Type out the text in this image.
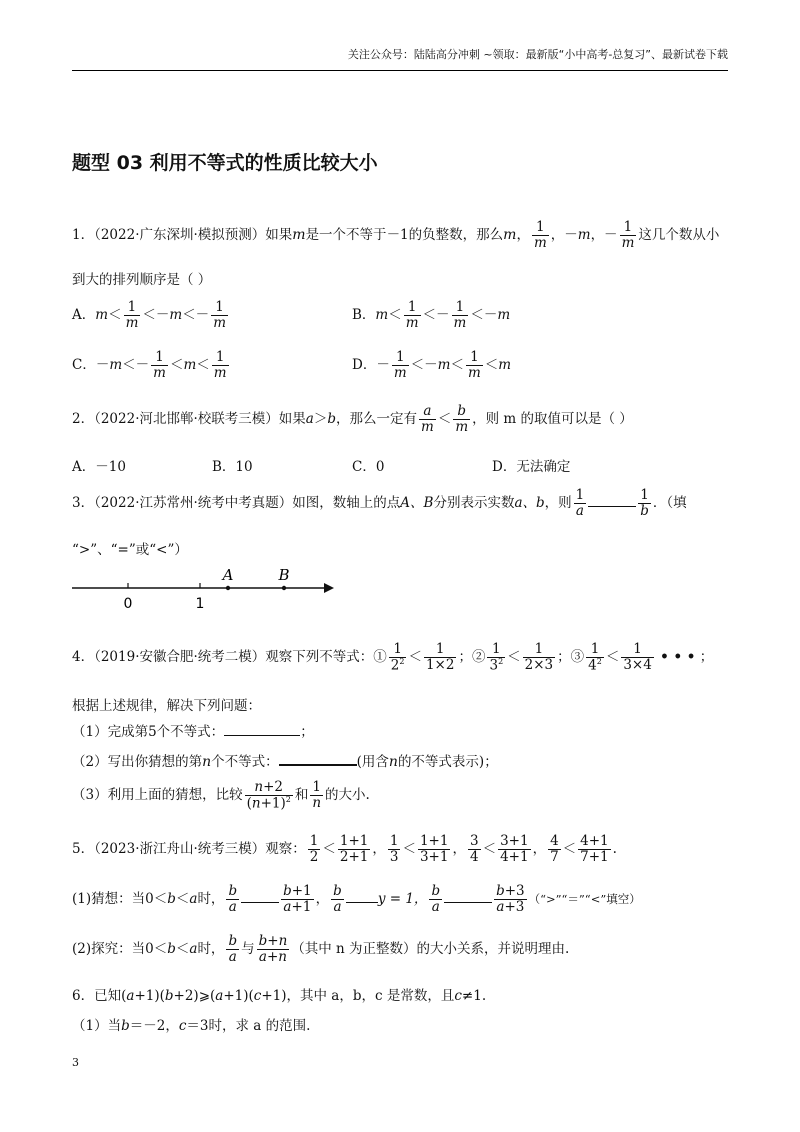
关注公众号：陆陆高分冲刺 ~领取：最新版“小中高考-总复习”、最新试卷下载
题型 03 利用不等式的性质比较大小
1．（2022·广东深圳·模拟预测）如果m是一个不等于－1的负整数，那么m， $\frac{1}{m}$ ，－m，－ $\frac{1}{m}$ 这几个数从小
到大的排列顺序是（ ）
A．$m< \frac{1}{m} <-m<- \frac{1}{m}$	B．$m< \frac{1}{m} <- \frac{1}{m} <-m$
C．$-m<- \frac{1}{m} <m< \frac{1}{m}$	D．－ $\frac{1}{m} <-m< \frac{1}{m} <m$
2．（2022·河北邯郸·校联考三模）如果a＞b，那么一定有 $\frac{a}{m} < \frac{b}{m}$ ，则 m 的取值可以是（ ）
A．－10	B．10	C．0	D．无法确定
3．（2022·江苏常州·统考中考真题）如图，数轴上的点A、B分别表示实数a、b，则 $\frac{1}{a}$	$\frac{1}{b}$ ．（填
“>”、“=”或“<”）
0	1
A	B
4．（2019·安徽合肥·统考二模）观察下列不等式：① $\frac{1}{2^2} < \frac{1}{1\times 2}$ ；② $\frac{1}{3^2} < \frac{1}{2\times 3}$ ；③ $\frac{1}{4^2} < \frac{1}{3\times 4}$ • • • ；
根据上述规律，解决下列问题：
（1）完成第5个不等式：	；
（2）写出你猜想的第n个不等式：	(用含n的不等式表示)；
（3）利用上面的猜想，比较 $\frac{n+2}{(n+1)^2}$ 和 $\frac{1}{n}$ 的大小.
5．（2023·浙江舟山·统考三模）观察： $\frac{1}{2} < \frac{1+1}{2+1}$ ， $\frac{1}{3} < \frac{1+1}{3+1}$ ， $\frac{3}{4} < \frac{3+1}{4+1}$ ， $\frac{4}{7} < \frac{4+1}{7+1}$ .
(1)猜想：当0＜b＜a时， $\frac{b}{a}$	$\frac{b+1}{a+1}$ ， $\frac{b}{a}$	y = 1， $\frac{b}{a}$	$\frac{b+3}{a+3}$ （“>”“＝”“<”填空）
(2)探究：当0＜b＜a时， $\frac{b}{a}$ 与 $\frac{b+n}{a+n}$ （其中 n 为正整数）的大小关系，并说明理由.
6．已知(a+1)(b+2)⩾(a+1)(c+1)，其中 a，b，c 是常数，且c≠1.
（1）当b＝－2，c＝3时，求 a 的范围.
3
